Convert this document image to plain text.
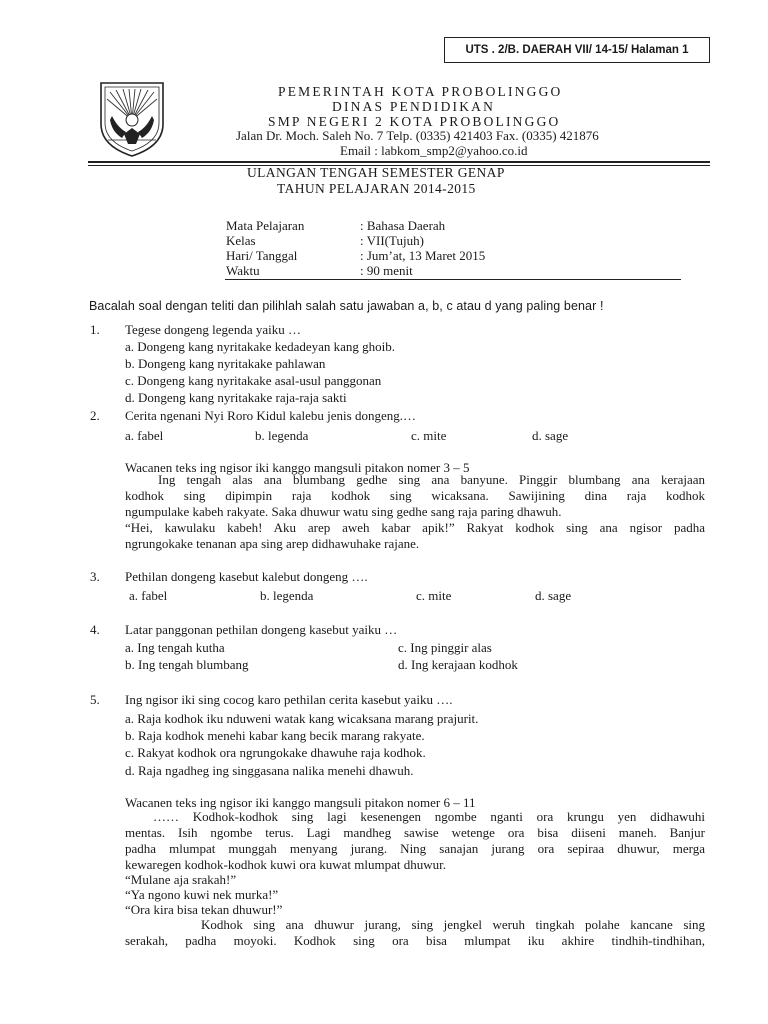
UTS . 2/B. DAERAH VII/ 14-15/ Halaman 1
PEMERINTAH KOTA PROBOLINGGO
DINAS PENDIDIKAN
SMP NEGERI 2 KOTA PROBOLINGGO
Jalan Dr. Moch. Saleh No. 7 Telp. (0335) 421403 Fax. (0335) 421876
Email : labkom_smp2@yahoo.co.id
ULANGAN TENGAH SEMESTER GENAP
TAHUN PELAJARAN 2014-2015
Mata Pelajaran	: Bahasa Daerah
Kelas	: VII(Tujuh)
Hari/ Tanggal	: Jum’at, 13 Maret 2015
Waktu	: 90 menit
Bacalah soal dengan teliti dan pilihlah salah satu jawaban a, b, c atau d yang paling benar !
1. Tegese dongeng legenda yaiku …
a. Dongeng kang nyritakake kedadeyan kang ghoib.
b. Dongeng kang nyritakake pahlawan
c. Dongeng kang nyritakake asal-usul panggonan
d. Dongeng kang nyritakake raja-raja sakti
2. Cerita ngenani Nyi Roro Kidul kalebu jenis dongeng.…
a. fabel	b. legenda	c. mite	d. sage
Wacanen teks ing ngisor iki kanggo mangsuli pitakon nomer 3 – 5
Ing tengah alas ana blumbang gedhe sing ana banyune. Pinggir blumbang ana kerajaan
kodhok sing dipimpin raja kodhok sing wicaksana. Sawijining dina raja kodhok
ngumpulake kabeh rakyate. Saka dhuwur watu sing gedhe sang raja paring dhawuh.
“Hei, kawulaku kabeh! Aku arep aweh kabar apik!” Rakyat kodhok sing ana ngisor padha
ngrungokake tenanan apa sing arep didhawuhake rajane.
3. Pethilan dongeng kasebut kalebut dongeng ….
a. fabel	b. legenda	c. mite	d. sage
4. Latar panggonan pethilan dongeng kasebut yaiku …
a. Ing tengah kutha	c. Ing pinggir alas
b. Ing tengah blumbang	d. Ing kerajaan kodhok
5. Ing ngisor iki sing cocog karo pethilan cerita kasebut yaiku ….
a. Raja kodhok iku nduweni watak kang wicaksana marang prajurit.
b. Raja kodhok menehi kabar kang becik marang rakyate.
c. Rakyat kodhok ora ngrungokake dhawuhe raja kodhok.
d. Raja ngadheg ing singgasana nalika menehi dhawuh.
Wacanen teks ing ngisor iki kanggo mangsuli pitakon nomer 6 – 11
…… Kodhok-kodhok sing lagi kesenengen ngombe nganti ora krungu yen didhawuhi
mentas. Isih ngombe terus. Lagi mandheg sawise wetenge ora bisa diiseni maneh. Banjur
padha mlumpat munggah menyang jurang. Ning sanajan jurang ora sepiraa dhuwur, merga
kewaregen kodhok-kodhok kuwi ora kuwat mlumpat dhuwur.
“Mulane aja srakah!”
“Ya ngono kuwi nek murka!”
“Ora kira bisa tekan dhuwur!”
Kodhok sing ana dhuwur jurang, sing jengkel weruh tingkah polahe kancane sing
serakah, padha moyoki. Kodhok sing ora bisa mlumpat iku akhire tindhih-tindhihan,
